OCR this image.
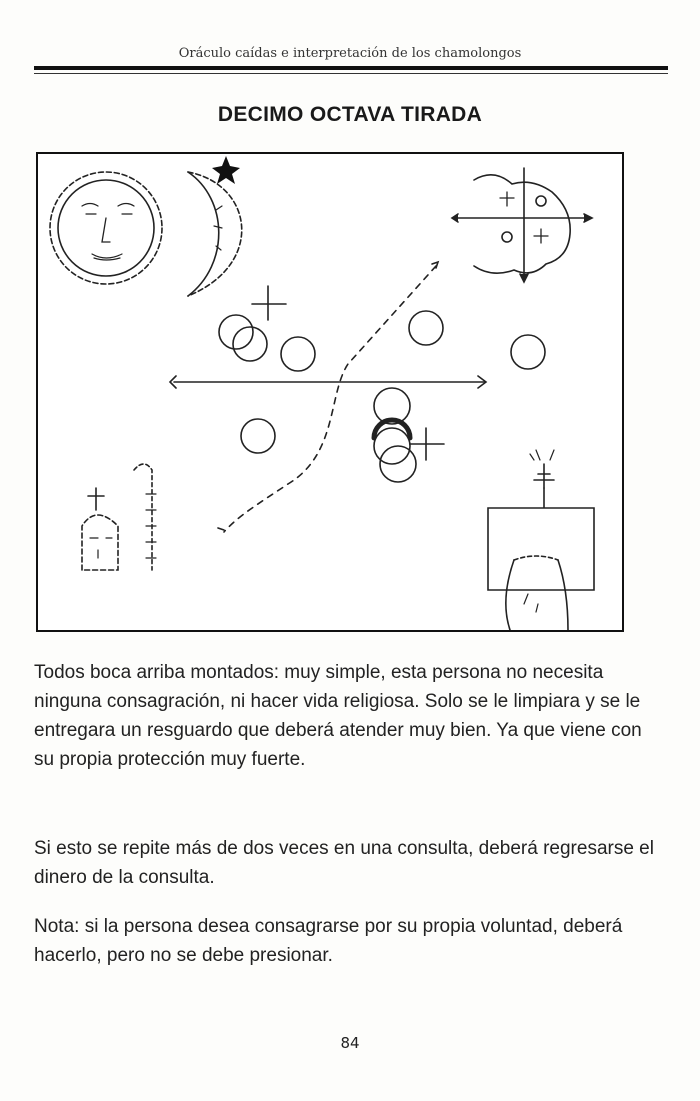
Oráculo caídas e interpretación de los chamolongos
DECIMO OCTAVA TIRADA

Todos boca arriba montados: muy simple, esta persona no necesita ninguna consagración, ni hacer vida religiosa. Solo se le limpiara y se le entregara un resguardo que deberá atender muy bien. Ya que viene con su propia protección muy fuerte.

Si esto se repite más de dos veces en una consulta, deberá regresarse el dinero de la consulta.

Nota: si la persona desea consagrarse por su propia voluntad, deberá hacerlo, pero no se debe presionar.

84
